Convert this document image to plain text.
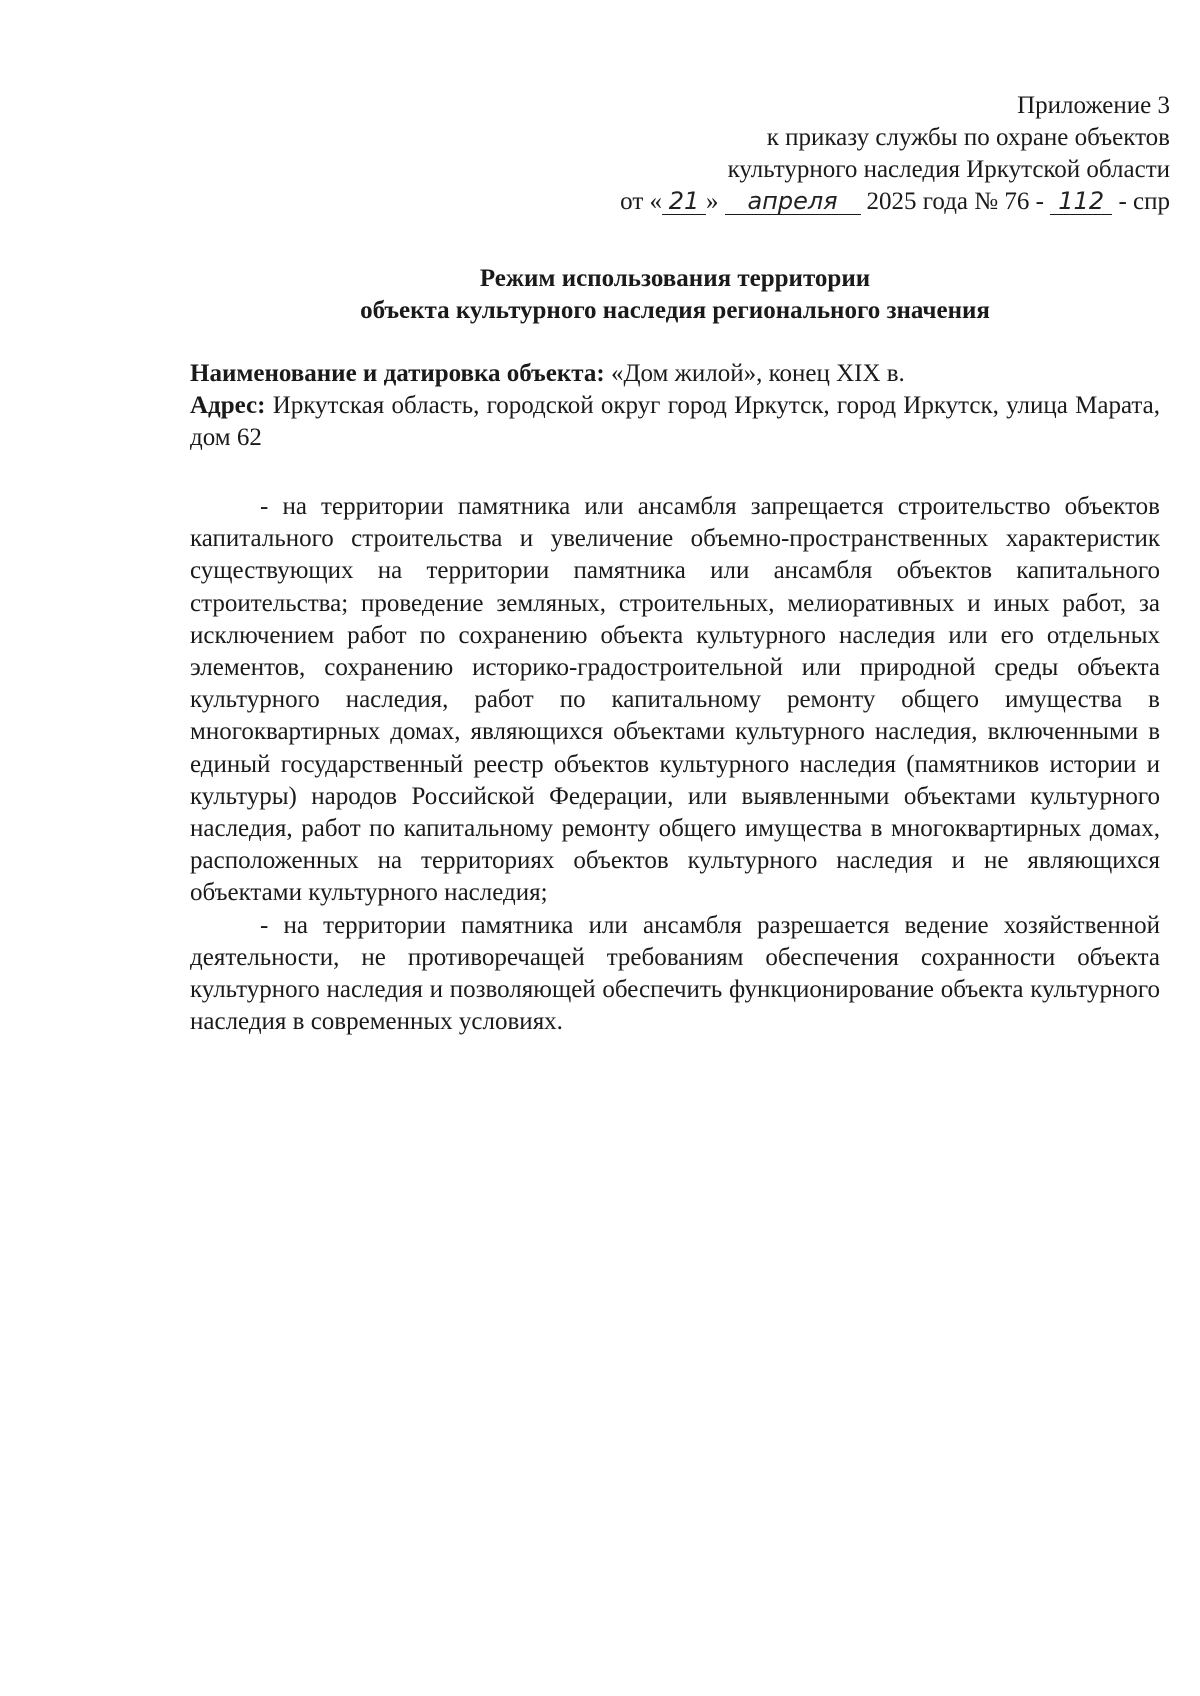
Приложение 3
к приказу службы по охране объектов
культурного наследия Иркутской области
от « 21 » апреля 2025 года № 76 - 112 - спр
Режим использования территории
объекта культурного наследия регионального значения

Наименование и датировка объекта: «Дом жилой», конец XIX в.

Адрес: Иркутская область, городской округ город Иркутск, город Иркутск, улица Марата, дом 62

- на территории памятника или ансамбля запрещается строительство объектов капитального строительства и увеличение объемно-пространственных характеристик существующих на территории памятника или ансамбля объектов капитального строительства; проведение земляных, строительных, мелиоративных и иных работ, за исключением работ по сохранению объекта культурного наследия или его отдельных элементов, сохранению историко-градостроительной или природной среды объекта культурного наследия, работ по капитальному ремонту общего имущества в многоквартирных домах, являющихся объектами культурного наследия, включенными в единый государственный реестр объектов культурного наследия (памятников истории и культуры) народов Российской Федерации, или выявленными объектами культурного наследия, работ по капитальному ремонту общего имущества в многоквартирных домах, расположенных на территориях объектов культурного наследия и не являющихся объектами культурного наследия;

- на территории памятника или ансамбля разрешается ведение хозяйственной деятельности, не противоречащей требованиям обеспечения сохранности объекта культурного наследия и позволяющей обеспечить функционирование объекта культурного наследия в современных условиях.
